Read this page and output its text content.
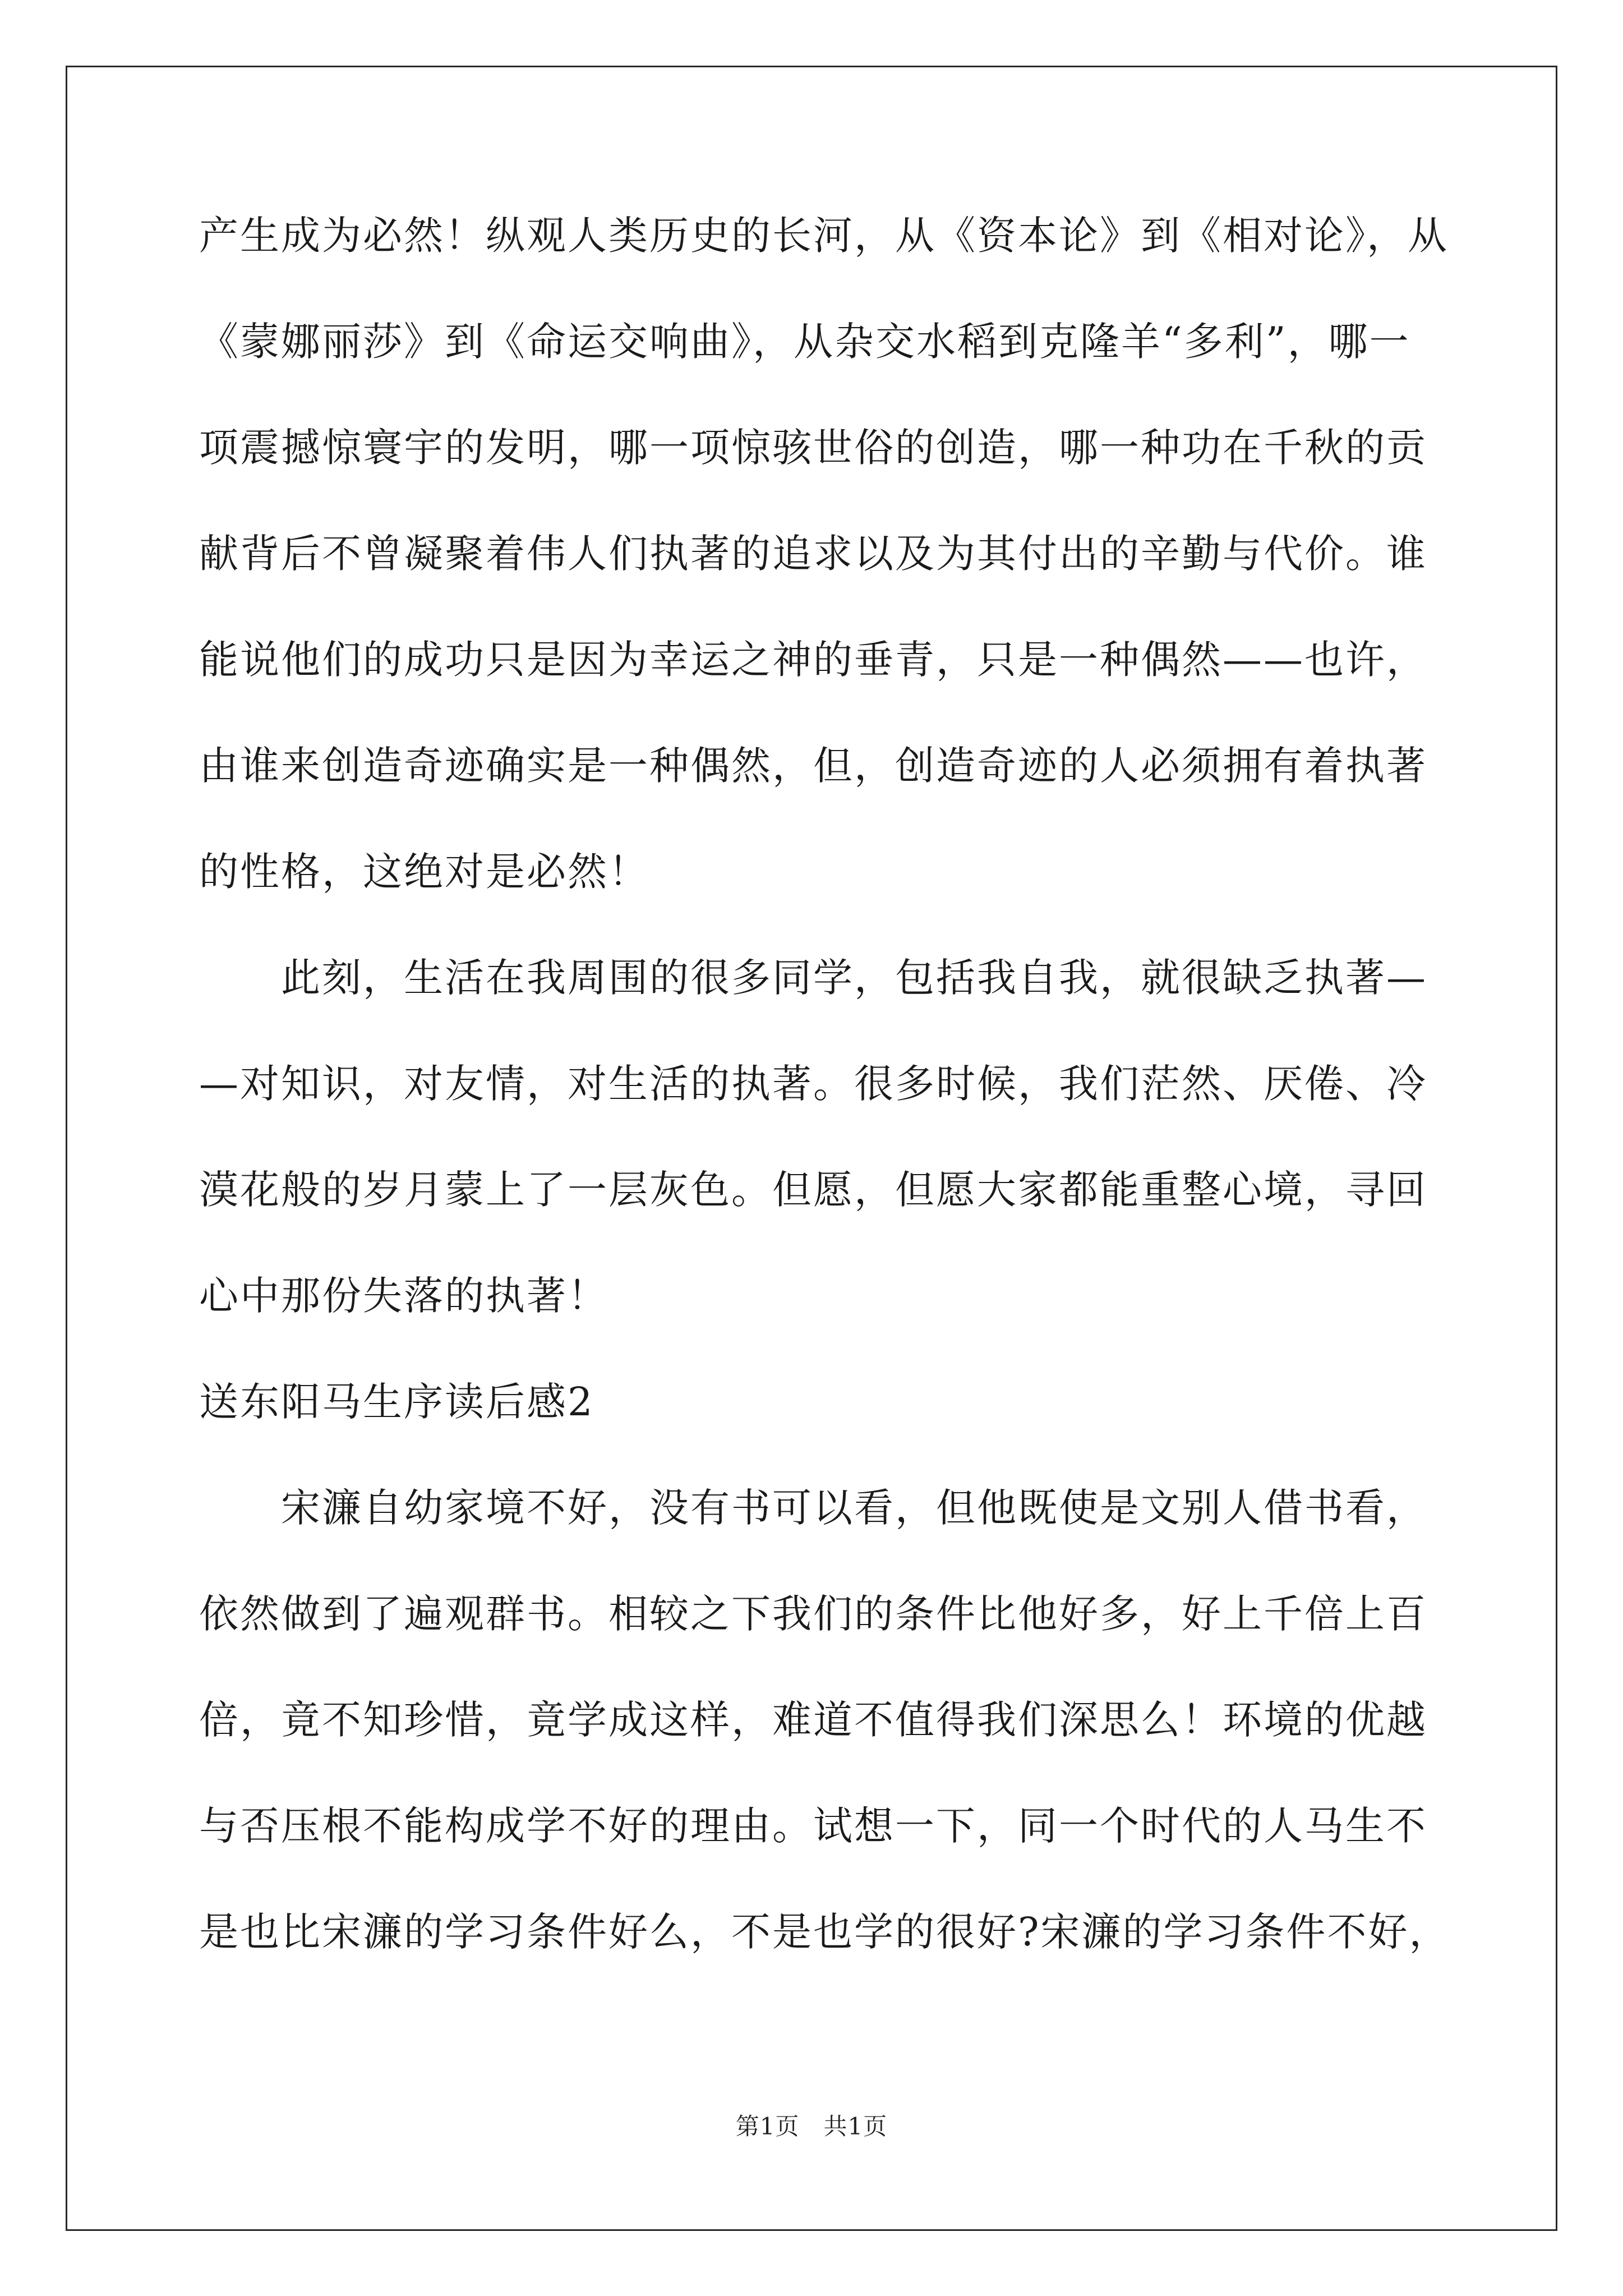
产生成为必然！纵观人类历史的长河，从《资本论》到《相对论》，从
《蒙娜丽莎》到《命运交响曲》，从杂交水稻到克隆羊“多利”，哪一
项震撼惊寰宇的发明，哪一项惊骇世俗的创造，哪一种功在千秋的贡
献背后不曾凝聚着伟人们执著的追求以及为其付出的辛勤与代价。谁
能说他们的成功只是因为幸运之神的垂青，只是一种偶然——也许，
由谁来创造奇迹确实是一种偶然，但，创造奇迹的人必须拥有着执著
的性格，这绝对是必然！
此刻，生活在我周围的很多同学，包括我自我，就很缺乏执著—
—对知识，对友情，对生活的执著。很多时候，我们茫然、厌倦、冷
漠花般的岁月蒙上了一层灰色。但愿，但愿大家都能重整心境，寻回
心中那份失落的执著！
送东阳马生序读后感2
宋濂自幼家境不好，没有书可以看，但他既使是文别人借书看，
依然做到了遍观群书。相较之下我们的条件比他好多，好上千倍上百
倍，竟不知珍惜，竟学成这样，难道不值得我们深思么！环境的优越
与否压根不能构成学不好的理由。试想一下，同一个时代的人马生不
是也比宋濂的学习条件好么，不是也学的很好?宋濂的学习条件不好，
第1页　共1页
